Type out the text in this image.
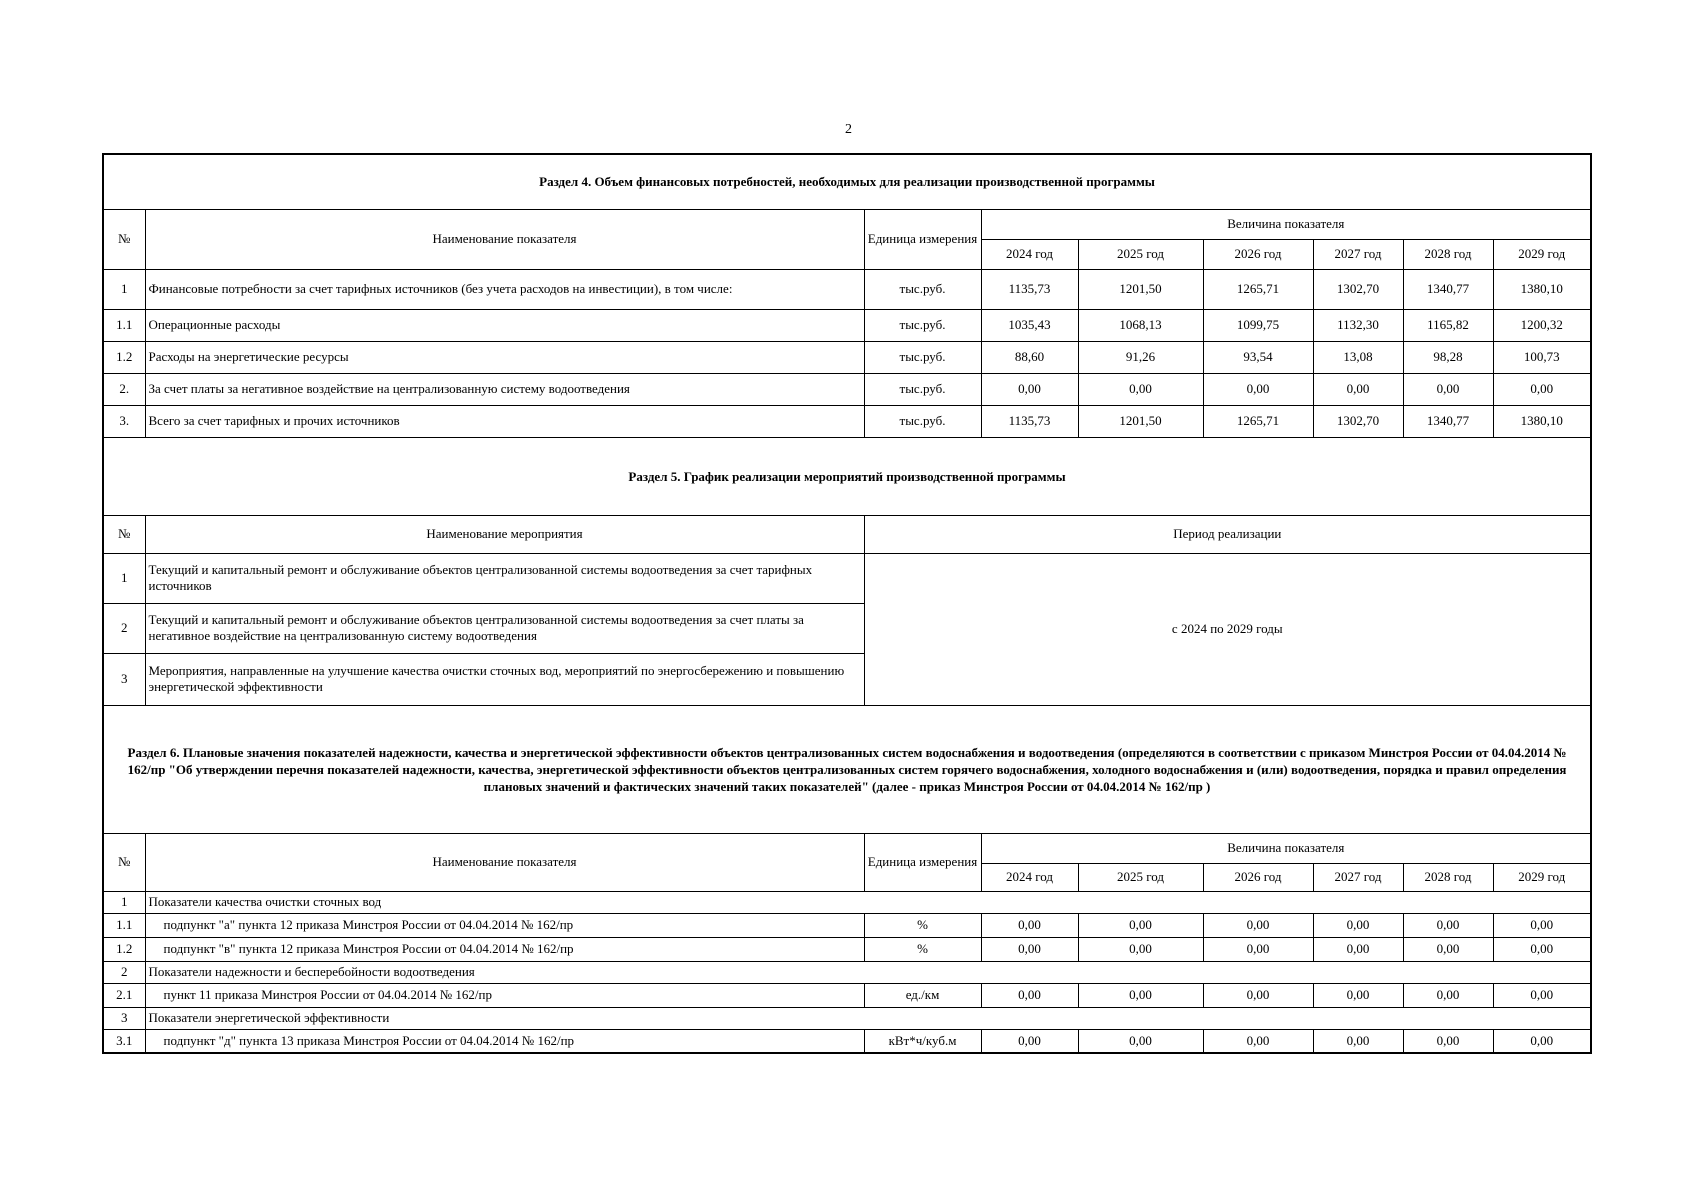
2
Раздел 4. Объем финансовых потребностей, необходимых для реализации производственной программы								
№	Наименование показателя	Единица измерения	Величина показателя					
			2024 год	2025 год	2026 год	2027 год	2028 год	2029 год
1	Финансовые потребности за счет тарифных источников (без учета расходов на инвестиции), в том числе:	тыс.руб.	1135,73	1201,50	1265,71	1302,70	1340,77	1380,10
1.1	Операционные расходы	тыс.руб.	1035,43	1068,13	1099,75	1132,30	1165,82	1200,32
1.2	Расходы на энергетические ресурсы	тыс.руб.	88,60	91,26	93,54	13,08	98,28	100,73
2.	За счет платы за негативное воздействие на централизованную систему водоотведения	тыс.руб.	0,00	0,00	0,00	0,00	0,00	0,00
3.	Всего за счет тарифных и прочих источников	тыс.руб.	1135,73	1201,50	1265,71	1302,70	1340,77	1380,10
Раздел 5. График реализации мероприятий производственной программы								
№	Наименование мероприятия	Период реализации						
1	Текущий и капитальный ремонт и обслуживание объектов централизованной системы водоотведения за счет тарифных источников	с 2024 по 2029 годы						
2	Текущий и капитальный ремонт и обслуживание объектов централизованной системы водоотведения за счет платы за негативное воздействие на централизованную систему водоотведения							
3	Мероприятия, направленные на улучшение качества очистки сточных вод, мероприятий по энергосбережению и повышению энергетической эффективности							
Раздел 6. Плановые значения показателей надежности, качества и энергетической эффективности объектов централизованных систем водоснабжения и водоотведения (определяются в соответствии с приказом Минстроя России от 04.04.2014 № 162/пр "Об утверждении перечня показателей надежности, качества, энергетической эффективности объектов централизованных систем горячего водоснабжения, холодного водоснабжения и (или) водоотведения, порядка и правил определения плановых значений и фактических значений таких показателей" (далее - приказ Минстроя России от 04.04.2014 № 162/пр )								
№	Наименование показателя	Единица измерения	Величина показателя					
			2024 год	2025 год	2026 год	2027 год	2028 год	2029 год
1	Показатели качества очистки сточных вод							
1.1	подпункт "а" пункта 12 приказа Минстроя России от 04.04.2014 № 162/пр	%	0,00	0,00	0,00	0,00	0,00	0,00
1.2	подпункт "в" пункта 12 приказа Минстроя России от 04.04.2014 № 162/пр	%	0,00	0,00	0,00	0,00	0,00	0,00
2	Показатели надежности и бесперебойности водоотведения							
2.1	пункт 11 приказа Минстроя России от 04.04.2014 № 162/пр	ед./км	0,00	0,00	0,00	0,00	0,00	0,00
3	Показатели энергетической эффективности							
3.1	подпункт "д" пункта 13 приказа Минстроя России от 04.04.2014 № 162/пр	кВт*ч/куб.м	0,00	0,00	0,00	0,00	0,00	0,00
